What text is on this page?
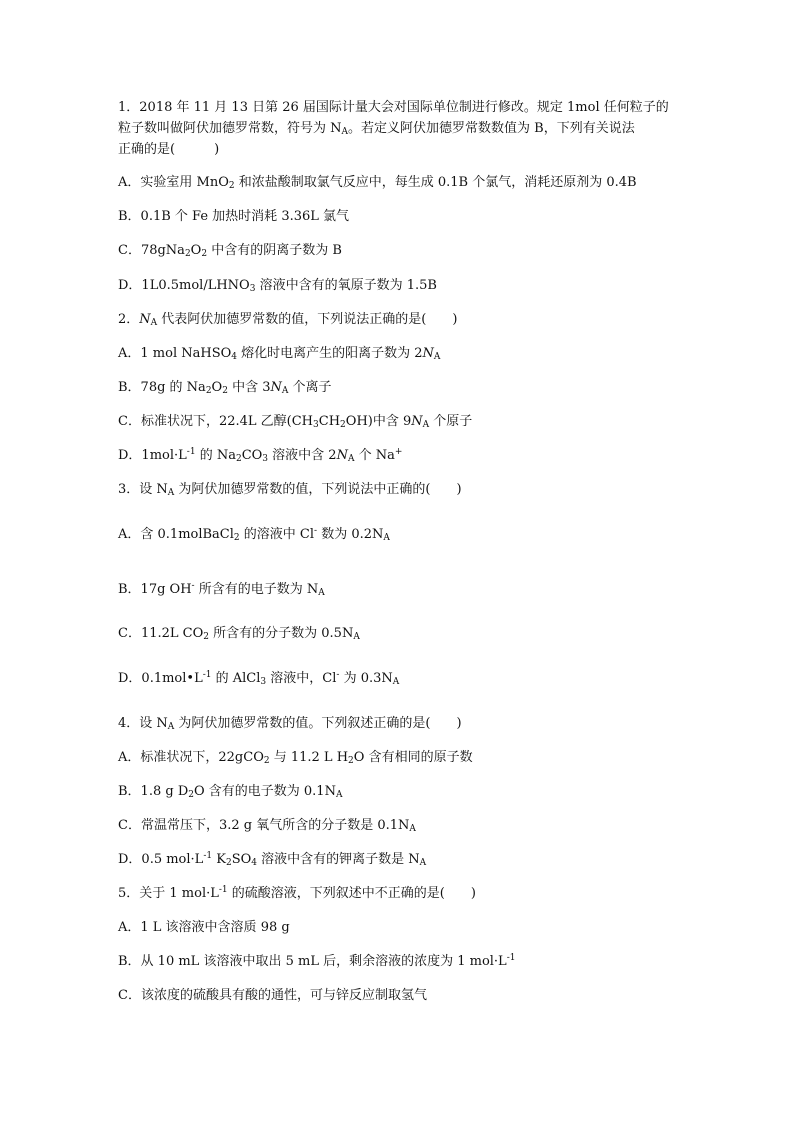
1．2018 年 11 月 13 日第 26 届国际计量大会对国际单位制进行修改。规定 1mol 任何粒子的
粒子数叫做阿伏加德罗常数，符号为 $N_A$。若定义阿伏加德罗常数数值为 B，下列有关说法
正确的是(　　　)
A．实验室用 MnO$_2$ 和浓盐酸制取氯气反应中，每生成 0.1B 个氯气，消耗还原剂为 0.4B
B．0.1B 个 Fe 加热时消耗 3.36L 氯气
C．$78gNa_2O_2$ 中含有的阴离子数为 B
D．$1L0.5mol/LHNO_3$ 溶液中含有的氧原子数为 1.5B
2．$N_A$ 代表阿伏加德罗常数的值，下列说法正确的是(　　)
A．1 mol NaHSO$_4$ 熔化时电离产生的阳离子数为 $2N_A$
B．78g 的 $Na_2O_2$ 中含 $3N_A$ 个离子
C．标准状况下，22.4L 乙醇$(CH_3CH_2OH)$中含 $9N_A$ 个原子
D．$1mol\cdot L^{-1}$ 的 $Na_2CO_3$ 溶液中含 $2N_A$ 个 Na+
3．设 $N_A$ 为阿伏加德罗常数的值，下列说法中正确的(　　)
A．含 0.1molBaCl$_2$ 的溶液中 Cl- 数为 $0.2N_A$
B．17g OH- 所含有的电子数为 $N_A$
C．11.2L $CO_2$ 所含有的分子数为 $0.5N_A$
D．$0.1mol•L^{-1}$ 的 AlCl$_3$ 溶液中，Cl- 为 $0.3N_A$
4．设 $N_A$ 为阿伏加德罗常数的值。下列叙述正确的是(　　)
A．标准状况下，22gCO$_2$ 与 11.2 L $H_2O$ 含有相同的原子数
B．1.8 g $D_2O$ 含有的电子数为 $0.1N_A$
C．常温常压下，3.2 g 氧气所含的分子数是 $0.1N_A$
D．0.5 $mol\cdot L^{-1}$ $K_2SO_4$ 溶液中含有的钾离子数是 $N_A$
5．关于 1 $mol\cdot L^{-1}$ 的硫酸溶液，下列叙述中不正确的是(　　)
A．1 L 该溶液中含溶质 98 g
B．从 10 mL 该溶液中取出 5 mL 后，剩余溶液的浓度为 1 $mol\cdot L^{-1}$
C．该浓度的硫酸具有酸的通性，可与锌反应制取氢气
